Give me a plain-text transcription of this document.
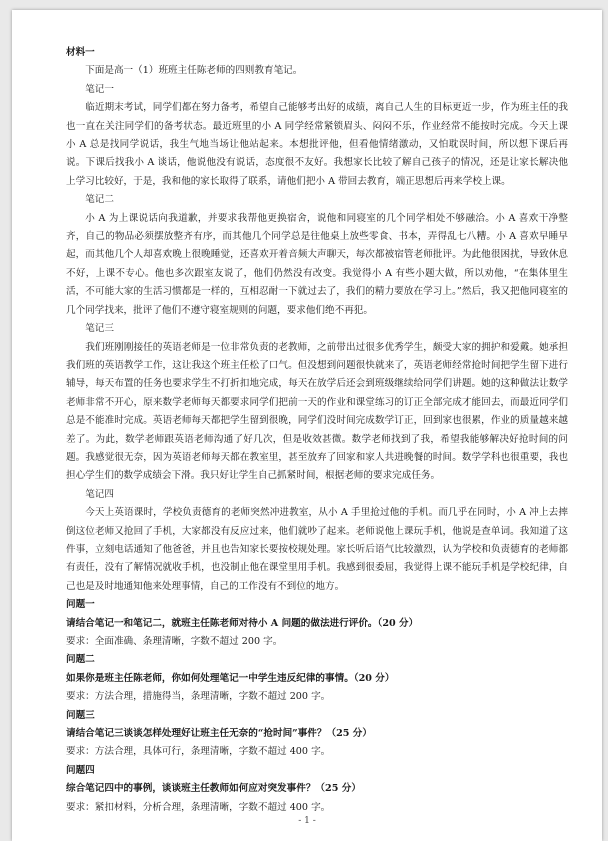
材料一

下面是高一（1）班班主任陈老师的四则教育笔记。

笔记一

临近期末考试，同学们都在努力备考，希望自己能够考出好的成绩，离自己人生的目标更近一步，作为班主任的我也一直在关注同学们的备考状态。最近班里的小 A 同学经常紧锁眉头、闷闷不乐，作业经常不能按时完成。今天上课小 A 总是找同学说话，我生气地当场让他站起来。本想批评他，但看他情绪激动，又怕耽误时间，所以想下课后再说。下课后找我小 A 谈话，他说他没有说话，态度很不友好。我想家长比较了解自己孩子的情况，还是让家长解决他上学习比较好，于是，我和他的家长取得了联系，请他们把小 A 带回去教育，端正思想后再来学校上课。

笔记二

小 A 为上课说话向我道歉，并要求我帮他更换宿舍，说他和同寝室的几个同学相处不够融洽。小 A 喜欢干净整齐，自己的物品必须摆放整齐有序，而其他几个同学总是往他桌上放些零食、书本，弄得乱七八糟。小 A 喜欢早睡早起，而其他几个人却喜欢晚上很晚睡觉，还喜欢开着音频大声聊天，每次都被宿管老师批评。为此他很困扰，导致休息不好，上课不专心。他也多次跟室友说了，他们仍然没有改变。我觉得小 A 有些小题大做，所以劝他，“在集体里生活，不可能大家的生活习惯都是一样的，互相忍耐一下就过去了，我们的精力要放在学习上。”然后，我又把他同寝室的几个同学找来，批评了他们不遵守寝室规则的问题，要求他们绝不再犯。

笔记三

我们班刚刚接任的英语老师是一位非常负责的老教师，之前带出过很多优秀学生，颇受大家的拥护和爱戴。她承担我们班的英语教学工作，这让我这个班主任松了口气。但没想到问题很快就来了，英语老师经常抢时间把学生留下进行辅导，每天布置的任务也要求学生不打折扣地完成，每天在放学后还会到班级继续给同学们讲题。她的这种做法让数学老师非常不开心，原来数学老师每天都要求同学们把前一天的作业和课堂练习的订正全部完成才能回去，而最近同学们总是不能准时完成。英语老师每天都把学生留到很晚，同学们没时间完成数学订正，回到家也很累，作业的质量越来越差了。为此，数学老师跟英语老师沟通了好几次，但是收效甚微。数学老师找到了我，希望我能够解决好抢时间的问题。我感觉很无奈，因为英语老师每天都在教室里，甚至放弃了回家和家人共进晚餐的时间。数学学科也很重要，我也担心学生们的数学成绩会下滑。我只好让学生自己抓紧时间，根据老师的要求完成任务。

笔记四

今天上英语课时，学校负责德育的老师突然冲进教室，从小 A 手里抢过他的手机。而几乎在同时，小 A 冲上去摔倒这位老师又抢回了手机，大家都没有反应过来，他们就吵了起来。老师说他上课玩手机，他说是查单词。我知道了这件事，立刻电话通知了他爸爸，并且也告知家长要按校规处理。家长听后语气比较激烈，认为学校和负责德育的老师都有责任，没有了解情况就收手机，也没制止他在课堂里用手机。我感到很委屈，我觉得上课不能玩手机是学校纪律，自己也是及时地通知他来处理事情，自己的工作没有不到位的地方。

问题一

请结合笔记一和笔记二，就班主任陈老师对待小 A 问题的做法进行评价。（20 分）

要求：全面准确、条理清晰，字数不超过 200 字。

问题二

如果你是班主任陈老师，你如何处理笔记一中学生违反纪律的事情。（20 分）

要求：方法合理，措施得当，条理清晰，字数不超过 200 字。

问题三

请结合笔记三谈谈怎样处理好让班主任无奈的“抢时间”事件？（25 分）

要求：方法合理，具体可行，条理清晰，字数不超过 400 字。

问题四

综合笔记四中的事例，谈谈班主任教师如何应对突发事件？（25 分）

要求：紧扣材料，分析合理，条理清晰，字数不超过 400 字。

- 1 -
